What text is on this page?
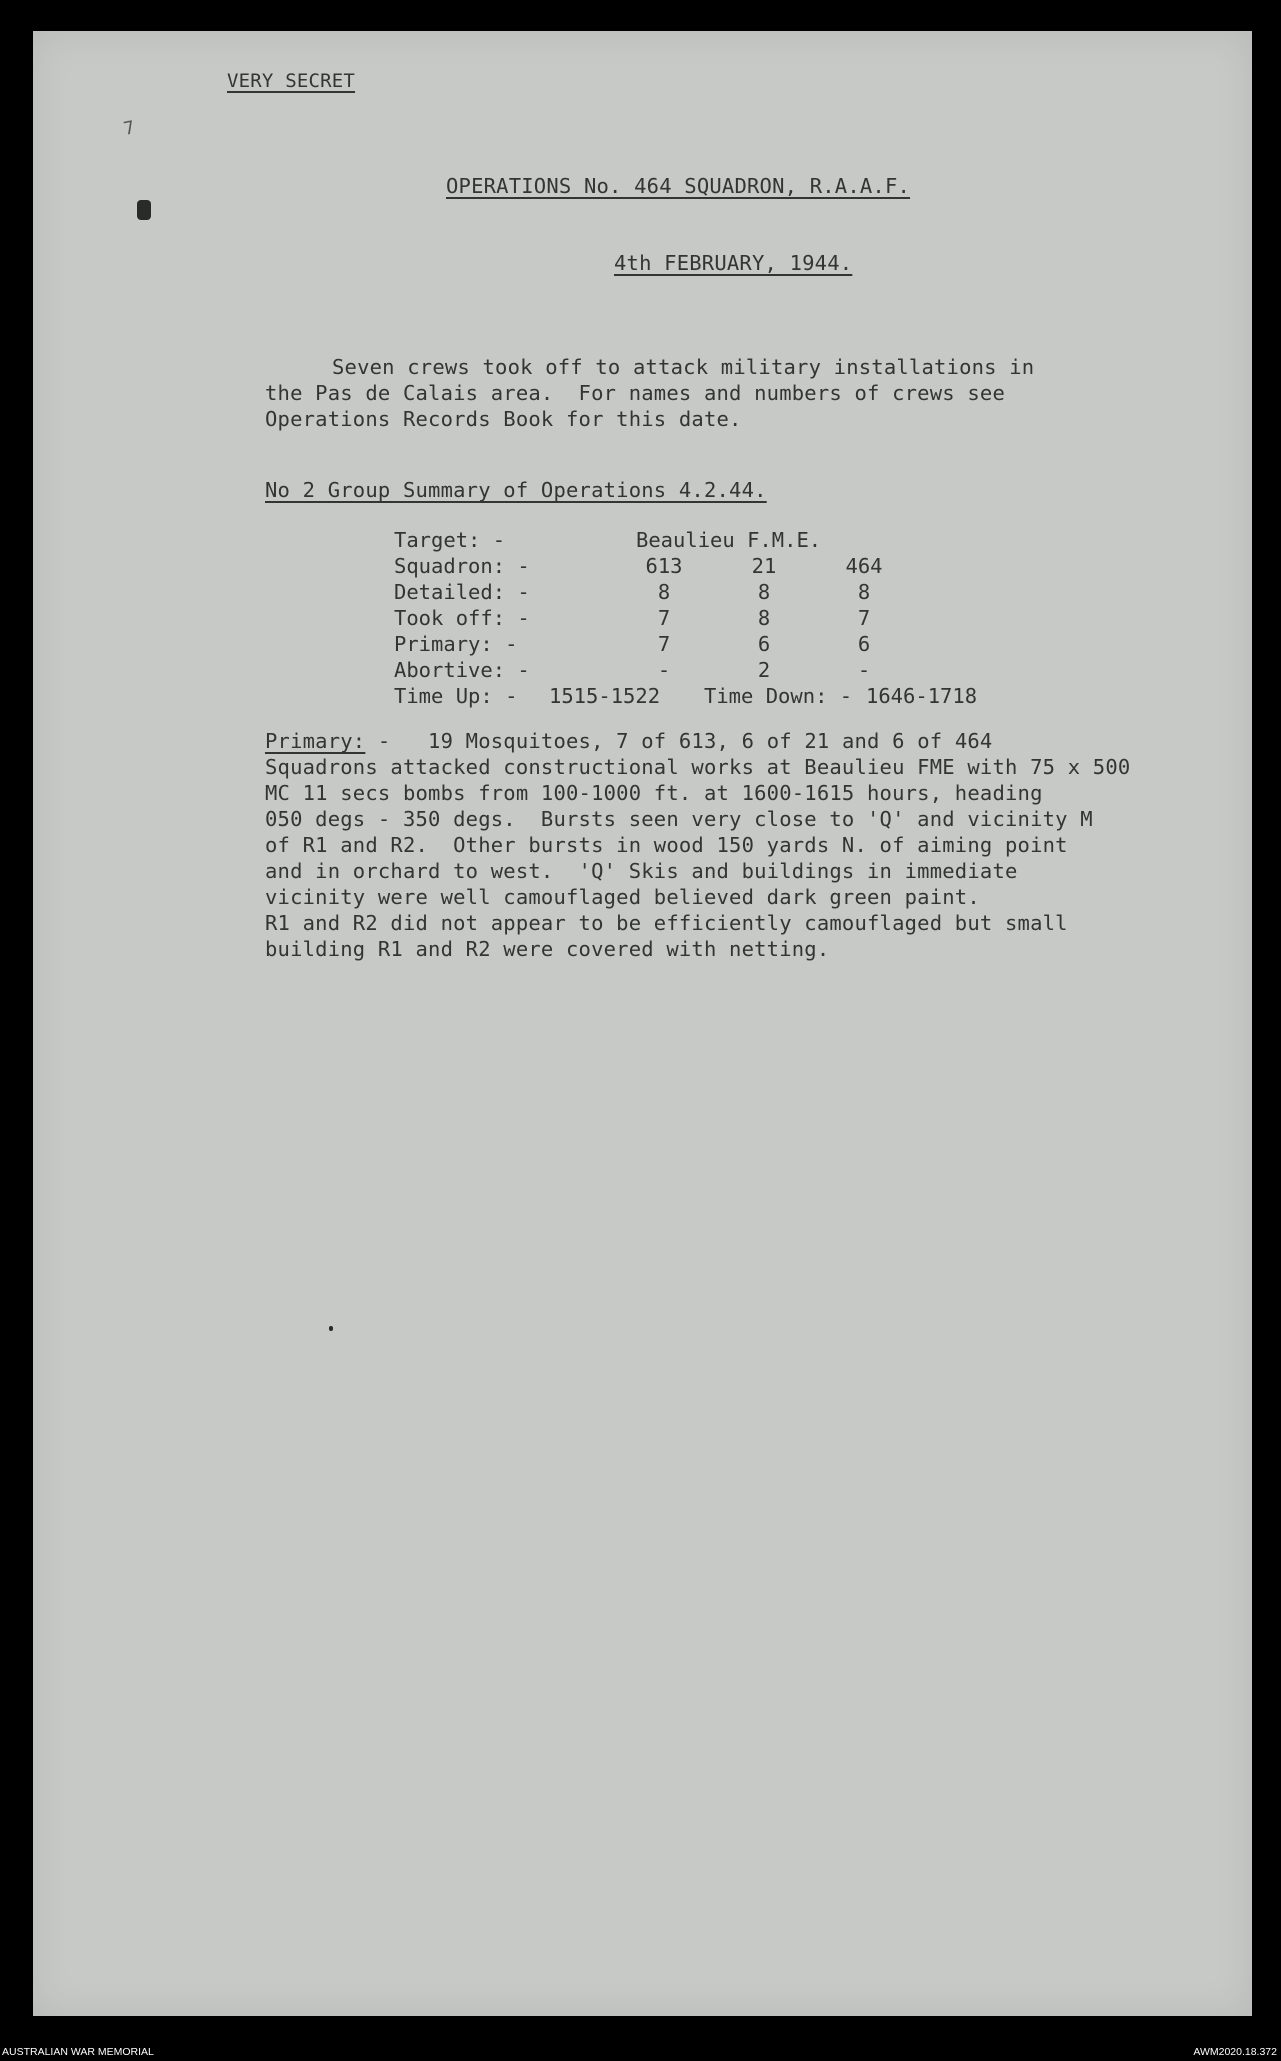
7
VERY SECRET
OPERATIONS No. 464 SQUADRON, R.A.A.F.
4th FEBRUARY, 1944.
Seven crews took off to attack military installations in
the Pas de Calais area.  For names and numbers of crews see
Operations Records Book for this date.
No 2 Group Summary of Operations 4.2.44.
Target: -	Beaulieu F.M.E.
Squadron: -	613	21	464
Detailed: -	8	8	8
Took off: -	7	8	7
Primary: -	7	6	6
Abortive: -	-	2	-
Time Up: -	1515-1522 Time Down: - 1646-1718
Primary: -   19 Mosquitoes, 7 of 613, 6 of 21 and 6 of 464
Squadrons attacked constructional works at Beaulieu FME with 75 x 500
MC 11 secs bombs from 100-1000 ft. at 1600-1615 hours, heading
050 degs - 350 degs.  Bursts seen very close to 'Q' and vicinity M
of R1 and R2.  Other bursts in wood 150 yards N. of aiming point
and in orchard to west.  'Q' Skis and buildings in immediate
vicinity were well camouflaged believed dark green paint.
R1 and R2 did not appear to be efficiently camouflaged but small
building R1 and R2 were covered with netting.
AUSTRALIAN WAR MEMORIAL	AWM2020.18.372
